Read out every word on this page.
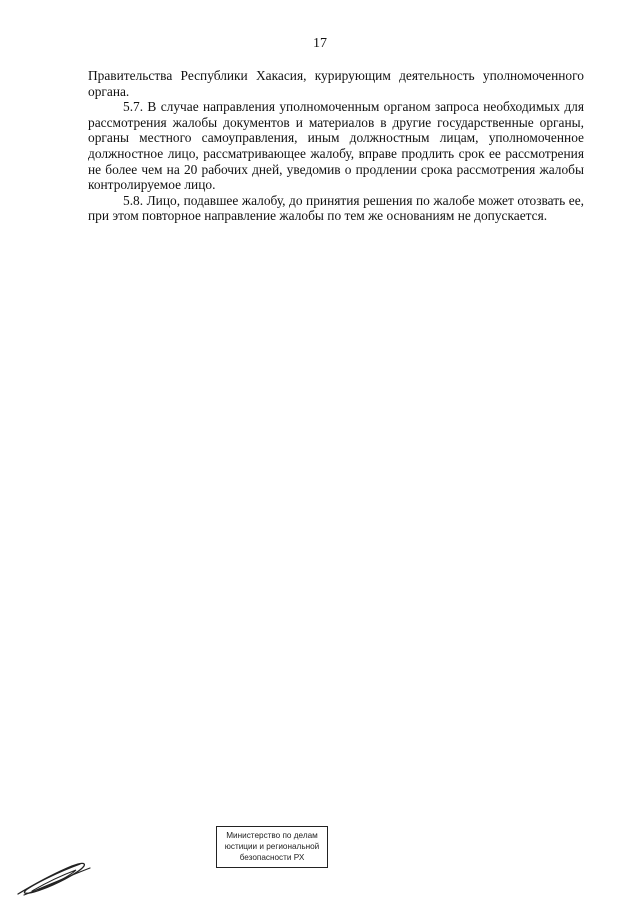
17

Правительства Республики Хакасия, курирующим деятельность уполномоченного органа.

5.7. В случае направления уполномоченным органом запроса необходимых для рассмотрения жалобы документов и материалов в другие государственные органы, органы местного самоуправления, иным должностным лицам, уполномоченное должностное лицо, рассматривающее жалобу, вправе продлить срок ее рассмотрения не более чем на 20 рабочих дней, уведомив о продлении срока рассмотрения жалобы контролируемое лицо.

5.8. Лицо, подавшее жалобу, до принятия решения по жалобе может отозвать ее, при этом повторное направление жалобы по тем же основаниям не допускается.

Министерство по делам
юстиции и региональной
безопасности РХ
